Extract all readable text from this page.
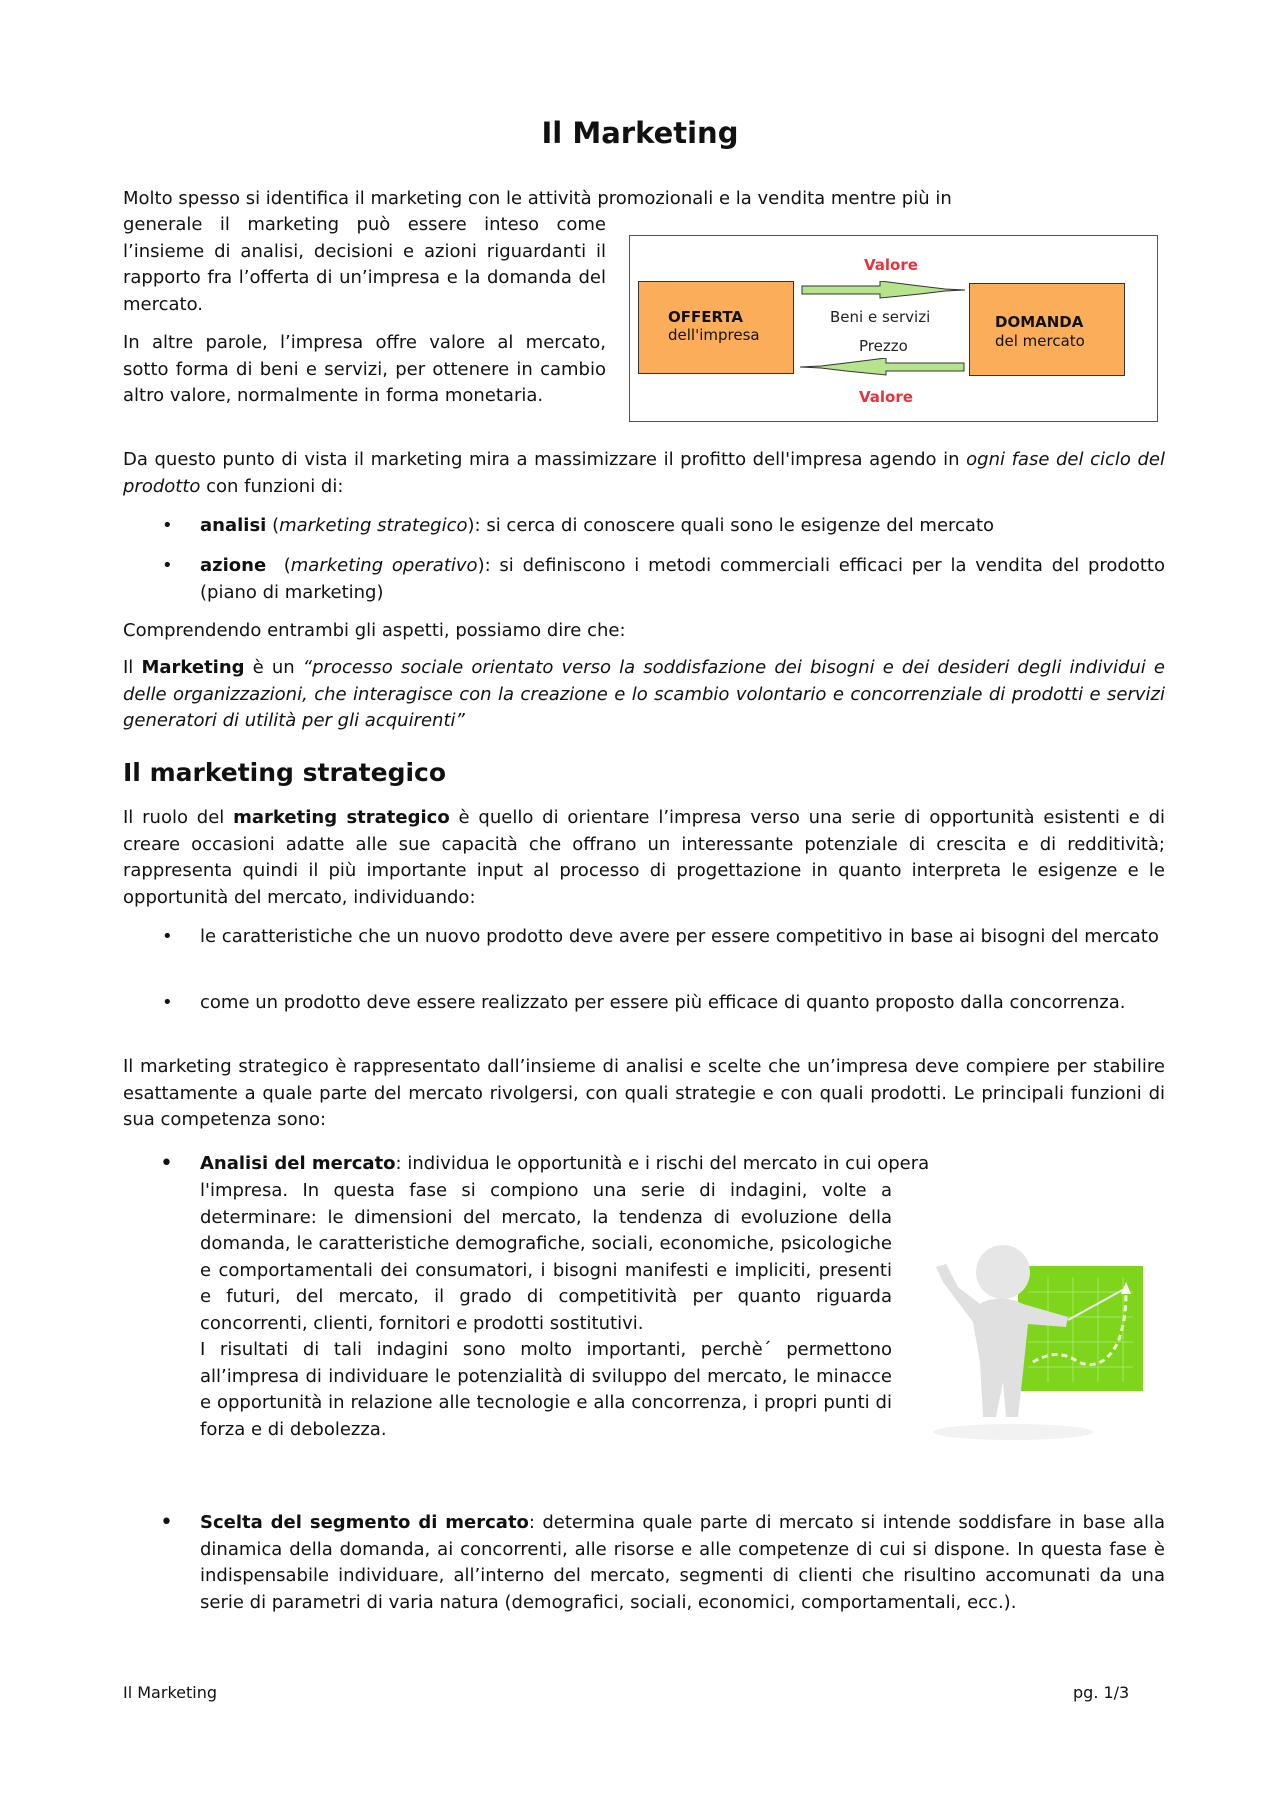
Il Marketing
Molto spesso si identifica il marketing con le attività promozionali e la vendita mentre più in
generale il marketing può essere inteso come l’insieme di analisi, decisioni e azioni riguardanti il rapporto fra l’offerta di un’impresa e la domanda del mercato.
In altre parole, l’impresa offre valore al mercato, sotto forma di beni e servizi, per ottenere in cambio altro valore, normalmente in forma monetaria.
OFFERTA
dell'impresa
DOMANDA
del mercato
Valore
Valore
Beni e servizi
Prezzo
Da questo punto di vista il marketing mira a massimizzare il profitto dell'impresa agendo in ogni fase del ciclo del prodotto con funzioni di:
• analisi (marketing strategico): si cerca di conoscere quali sono le esigenze del mercato
• azione  (marketing operativo): si definiscono i metodi commerciali efficaci per la vendita del prodotto (piano di marketing)
Comprendendo entrambi gli aspetti, possiamo dire che:
Il Marketing è un “processo sociale orientato verso la soddisfazione dei bisogni e dei desideri degli individui e delle organizzazioni, che interagisce con la creazione e lo scambio volontario e concorrenziale di prodotti e servizi generatori di utilità per gli acquirenti”
Il marketing strategico
Il ruolo del marketing strategico è quello di orientare l’impresa verso una serie di opportunità esistenti e di creare occasioni adatte alle sue capacità che offrano un interessante potenziale di crescita e di redditività; rappresenta quindi il più importante input al processo di progettazione in quanto interpreta le esigenze e le opportunità del mercato, individuando:
• le caratteristiche che un nuovo prodotto deve avere per essere competitivo in base ai bisogni del mercato
• come un prodotto deve essere realizzato per essere più efficace di quanto proposto dalla concorrenza.
Il marketing strategico è rappresentato dall’insieme di analisi e scelte che un’impresa deve compiere per stabilire esattamente a quale parte del mercato rivolgersi, con quali strategie e con quali prodotti. Le principali funzioni di sua competenza sono:
• Analisi del mercato: individua le opportunità e i rischi del mercato in cui opera

l'impresa. In questa fase si compiono una serie di indagini, volte a determinare: le dimensioni del mercato, la tendenza di evoluzione della domanda, le caratteristiche demografiche, sociali, economiche, psicologiche e comportamentali dei consumatori, i bisogni manifesti e impliciti, presenti e futuri, del mercato, il grado di competitività per quanto riguarda concorrenti, clienti, fornitori e prodotti sostitutivi.

I risultati di tali indagini sono molto importanti, perchè´ permettono all’impresa di individuare le potenzialità di sviluppo del mercato, le minacce e opportunità in relazione alle tecnologie e alla concorrenza, i propri punti di forza e di debolezza.

• Scelta del segmento di mercato: determina quale parte di mercato si intende soddisfare in base alla dinamica della domanda, ai concorrenti, alle risorse e alle competenze di cui si dispone. In questa fase è indispensabile individuare, all’interno del mercato, segmenti di clienti che risultino accomunati da una serie di parametri di varia natura (demografici, sociali, economici, comportamentali, ecc.).
Il Marketing	pg. 1/3
